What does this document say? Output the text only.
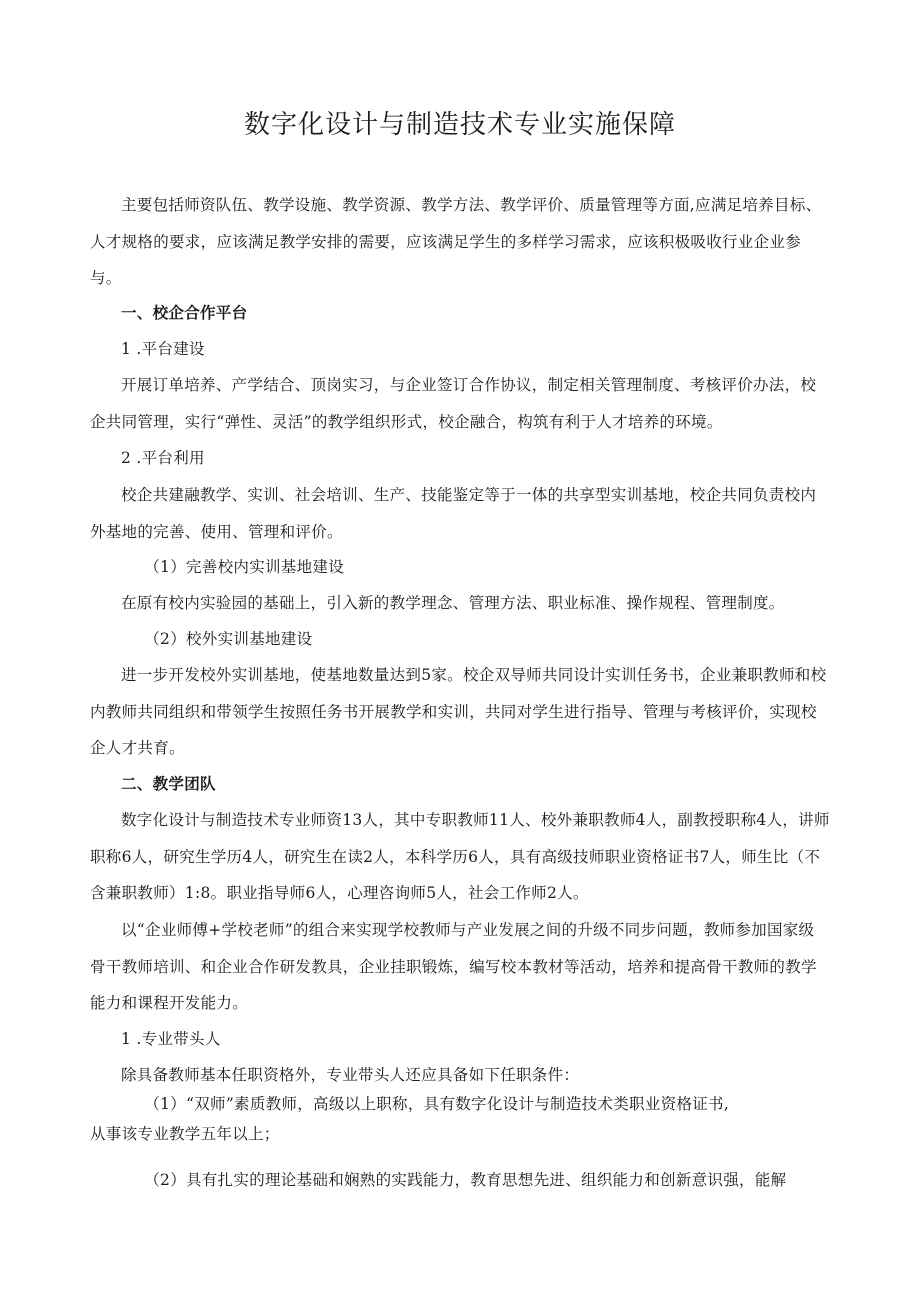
数字化设计与制造技术专业实施保障
主要包括师资队伍、教学设施、教学资源、教学方法、教学评价、质量管理等方面,应满足培养目标、人才规格的要求，应该满足教学安排的需要，应该满足学生的多样学习需求，应该积极吸收行业企业参与。
一、校企合作平台
1 .平台建设
开展订单培养、产学结合、顶岗实习，与企业签订合作协议，制定相关管理制度、考核评价办法，校企共同管理，实行“弹性、灵活”的教学组织形式，校企融合，构筑有利于人才培养的环境。
2 .平台利用
校企共建融教学、实训、社会培训、生产、技能鉴定等于一体的共享型实训基地，校企共同负责校内外基地的完善、使用、管理和评价。
（1）完善校内实训基地建设
在原有校内实验园的基础上，引入新的教学理念、管理方法、职业标准、操作规程、管理制度。
（2）校外实训基地建设
进一步开发校外实训基地，使基地数量达到5家。校企双导师共同设计实训任务书，企业兼职教师和校内教师共同组织和带领学生按照任务书开展教学和实训，共同对学生进行指导、管理与考核评价，实现校企人才共育。
二、教学团队
数字化设计与制造技术专业师资13人，其中专职教师11人、校外兼职教师4人，副教授职称4人，讲师职称6人，研究生学历4人，研究生在读2人，本科学历6人，具有高级技师职业资格证书7人，师生比（不含兼职教师）1:8。职业指导师6人，心理咨询师5人，社会工作师2人。
以“企业师傅+学校老师”的组合来实现学校教师与产业发展之间的升级不同步问题，教师参加国家级骨干教师培训、和企业合作研发教具，企业挂职锻炼，编写校本教材等活动，培养和提高骨干教师的教学能力和课程开发能力。
1 .专业带头人
除具备教师基本任职资格外，专业带头人还应具备如下任职条件：
（1）“双师”素质教师，高级以上职称，具有数字化设计与制造技术类职业资格证书,
从事该专业教学五年以上；
（2）具有扎实的理论基础和娴熟的实践能力，教育思想先进、组织能力和创新意识强，能解
